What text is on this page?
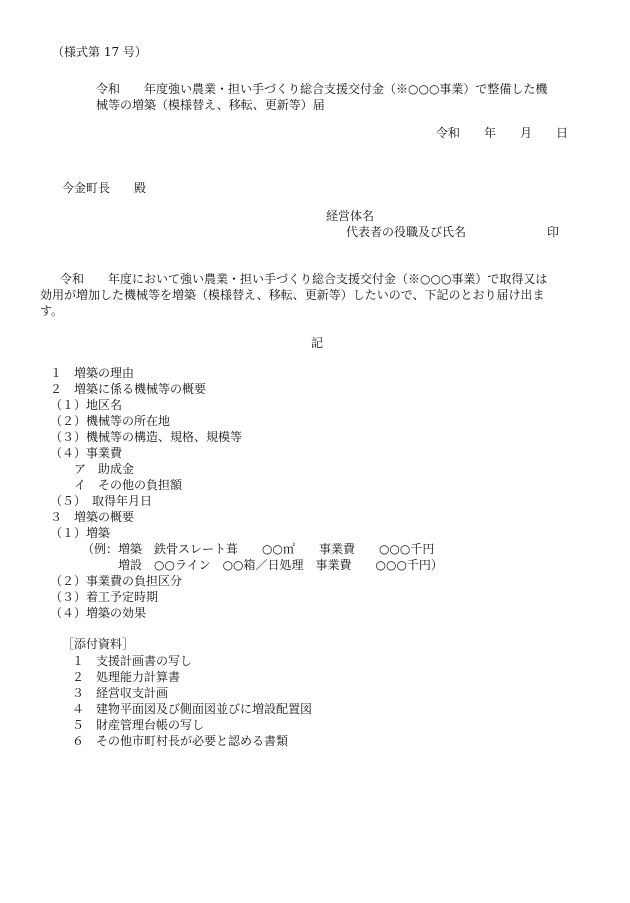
（様式第 17 号）
令和　　年度強い農業・担い手づくり総合支援交付金（※○○○事業）で整備した機
械等の増築（模様替え、移転、更新等）届
令和　　年　　月　　日
今金町長　　殿
経営体名
代表者の役職及び氏名	印
令和　　年度において強い農業・担い手づくり総合支援交付金（※○○○事業）で取得又は
効用が増加した機械等を増築（模様替え、移転、更新等）したいので、下記のとおり届け出ま
す。
記
１　増築の理由
２　増築に係る機械等の概要
（１）地区名
（２）機械等の所在地
（３）機械等の構造、規格、規模等
（４）事業費
　　ア　助成金
　　イ　その他の負担額
（５）　取得年月日
３　増築の概要
（１）増築
（例：増築　鉄骨スレート葺　　○○㎡　　事業費　　○○○千円
　　　増設　○○ライン　○○箱／日処理　事業費　　○○○千円）
（２）事業費の負担区分
（３）着工予定時期
（４）増築の効果
［添付資料］
１　支援計画書の写し
２　処理能力計算書
３　経営収支計画
４　建物平面図及び側面図並びに増設配置図
５　財産管理台帳の写し
６　その他市町村長が必要と認める書類
